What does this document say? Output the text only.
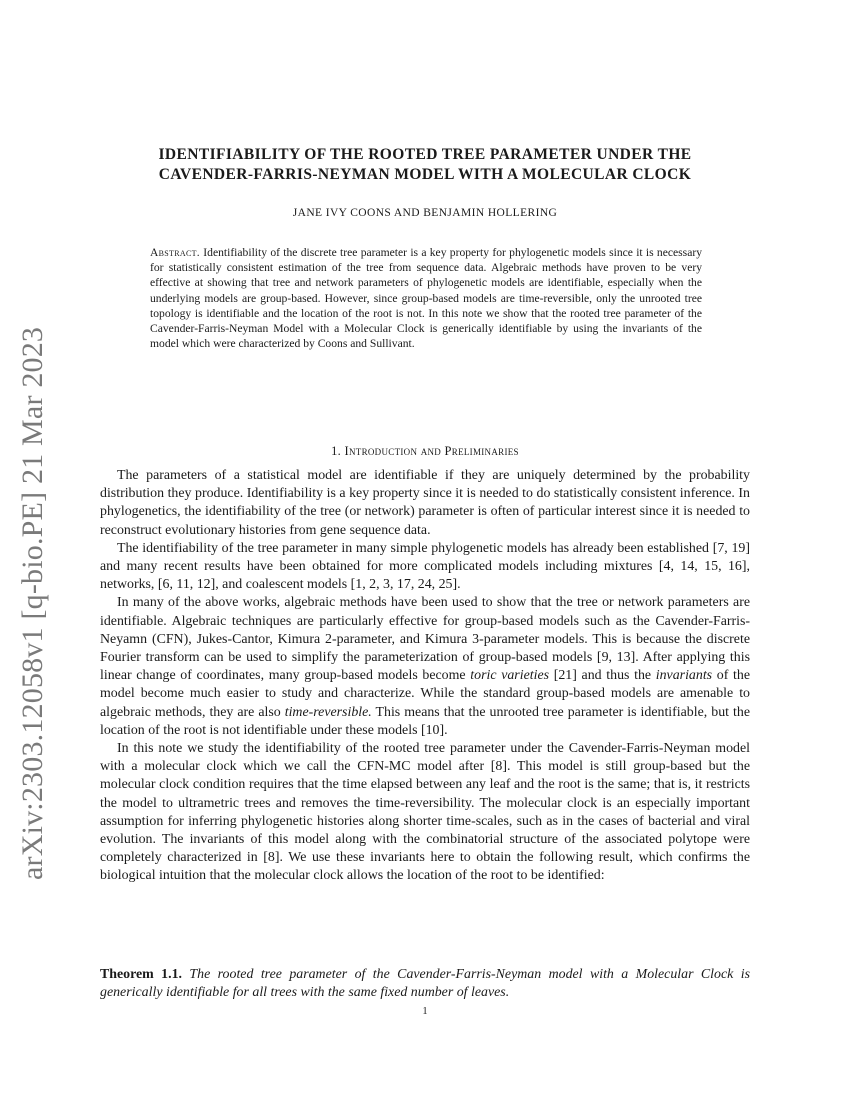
arXiv:2303.12058v1 [q-bio.PE] 21 Mar 2023
IDENTIFIABILITY OF THE ROOTED TREE PARAMETER UNDER THE
CAVENDER-FARRIS-NEYMAN MODEL WITH A MOLECULAR CLOCK
JANE IVY COONS AND BENJAMIN HOLLERING
Abstract. Identifiability of the discrete tree parameter is a key property for phylogenetic models since it is necessary for statistically consistent estimation of the tree from sequence data. Algebraic methods have proven to be very effective at showing that tree and network parameters of phylogenetic models are identifiable, especially when the underlying models are group-based. However, since group-based models are time-reversible, only the unrooted tree topology is identifiable and the location of the root is not. In this note we show that the rooted tree parameter of the Cavender-Farris-Neyman Model with a Molecular Clock is generically identifiable by using the invariants of the model which were characterized by Coons and Sullivant.
1. Introduction and Preliminaries

The parameters of a statistical model are identifiable if they are uniquely determined by the probability distribution they produce. Identifiability is a key property since it is needed to do statistically consistent inference. In phylogenetics, the identifiability of the tree (or network) parameter is often of particular interest since it is needed to reconstruct evolutionary histories from gene sequence data.

The identifiability of the tree parameter in many simple phylogenetic models has already been established [7, 19] and many recent results have been obtained for more complicated models including mixtures [4, 14, 15, 16], networks, [6, 11, 12], and coalescent models [1, 2, 3, 17, 24, 25].

In many of the above works, algebraic methods have been used to show that the tree or network parameters are identifiable. Algebraic techniques are particularly effective for group-based models such as the Cavender-Farris-Neyamn (CFN), Jukes-Cantor, Kimura 2-parameter, and Kimura 3-parameter models. This is because the discrete Fourier transform can be used to simplify the parameterization of group-based models [9, 13]. After applying this linear change of coordinates, many group-based models become toric varieties [21] and thus the invariants of the model become much easier to study and characterize. While the standard group-based models are amenable to algebraic methods, they are also time-reversible. This means that the unrooted tree parameter is identifiable, but the location of the root is not identifiable under these models [10].

In this note we study the identifiability of the rooted tree parameter under the Cavender-Farris-Neyman model with a molecular clock which we call the CFN-MC model after [8]. This model is still group-based but the molecular clock condition requires that the time elapsed between any leaf and the root is the same; that is, it restricts the model to ultrametric trees and removes the time-reversibility. The molecular clock is an especially important assumption for inferring phylogenetic histories along shorter time-scales, such as in the cases of bacterial and viral evolution. The invariants of this model along with the combinatorial structure of the associated polytope were completely characterized in [8]. We use these invariants here to obtain the following result, which confirms the biological intuition that the molecular clock allows the location of the root to be identified:

Theorem 1.1. The rooted tree parameter of the Cavender-Farris-Neyman model with a Molecular Clock is generically identifiable for all trees with the same fixed number of leaves.
1
